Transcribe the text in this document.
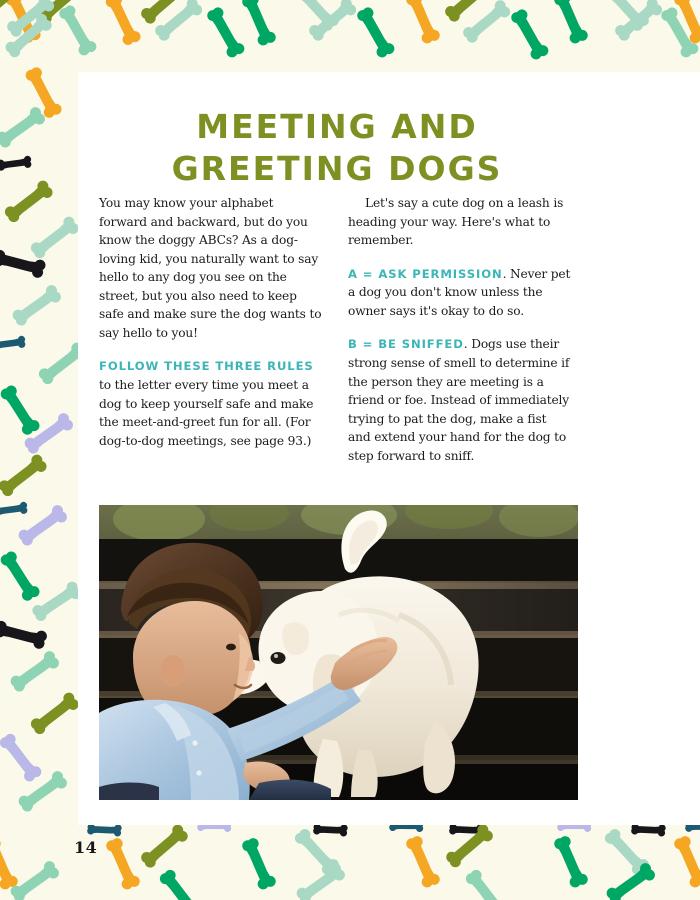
MEETING AND
GREETING DOGS

You may know your alphabet forward and backward, but do you know the doggy ABCs? As a dog-loving kid, you naturally want to say hello to any dog you see on the street, but you also need to keep safe and make sure the dog wants to say hello to you!

FOLLOW THESE THREE RULES to the letter every time you meet a dog to keep yourself safe and make the meet-and-greet fun for all. (For dog-to-dog meetings, see page 93.)

Let's say a cute dog on a leash is heading your way. Here's what to remember.

A = ASK PERMISSION. Never pet a dog you don't know unless the owner says it's okay to do so.

B = BE SNIFFED. Dogs use their strong sense of smell to determine if the person they are meeting is a friend or foe. Instead of immediately trying to pat the dog, make a fist and extend your hand for the dog to step forward to sniff.

14
